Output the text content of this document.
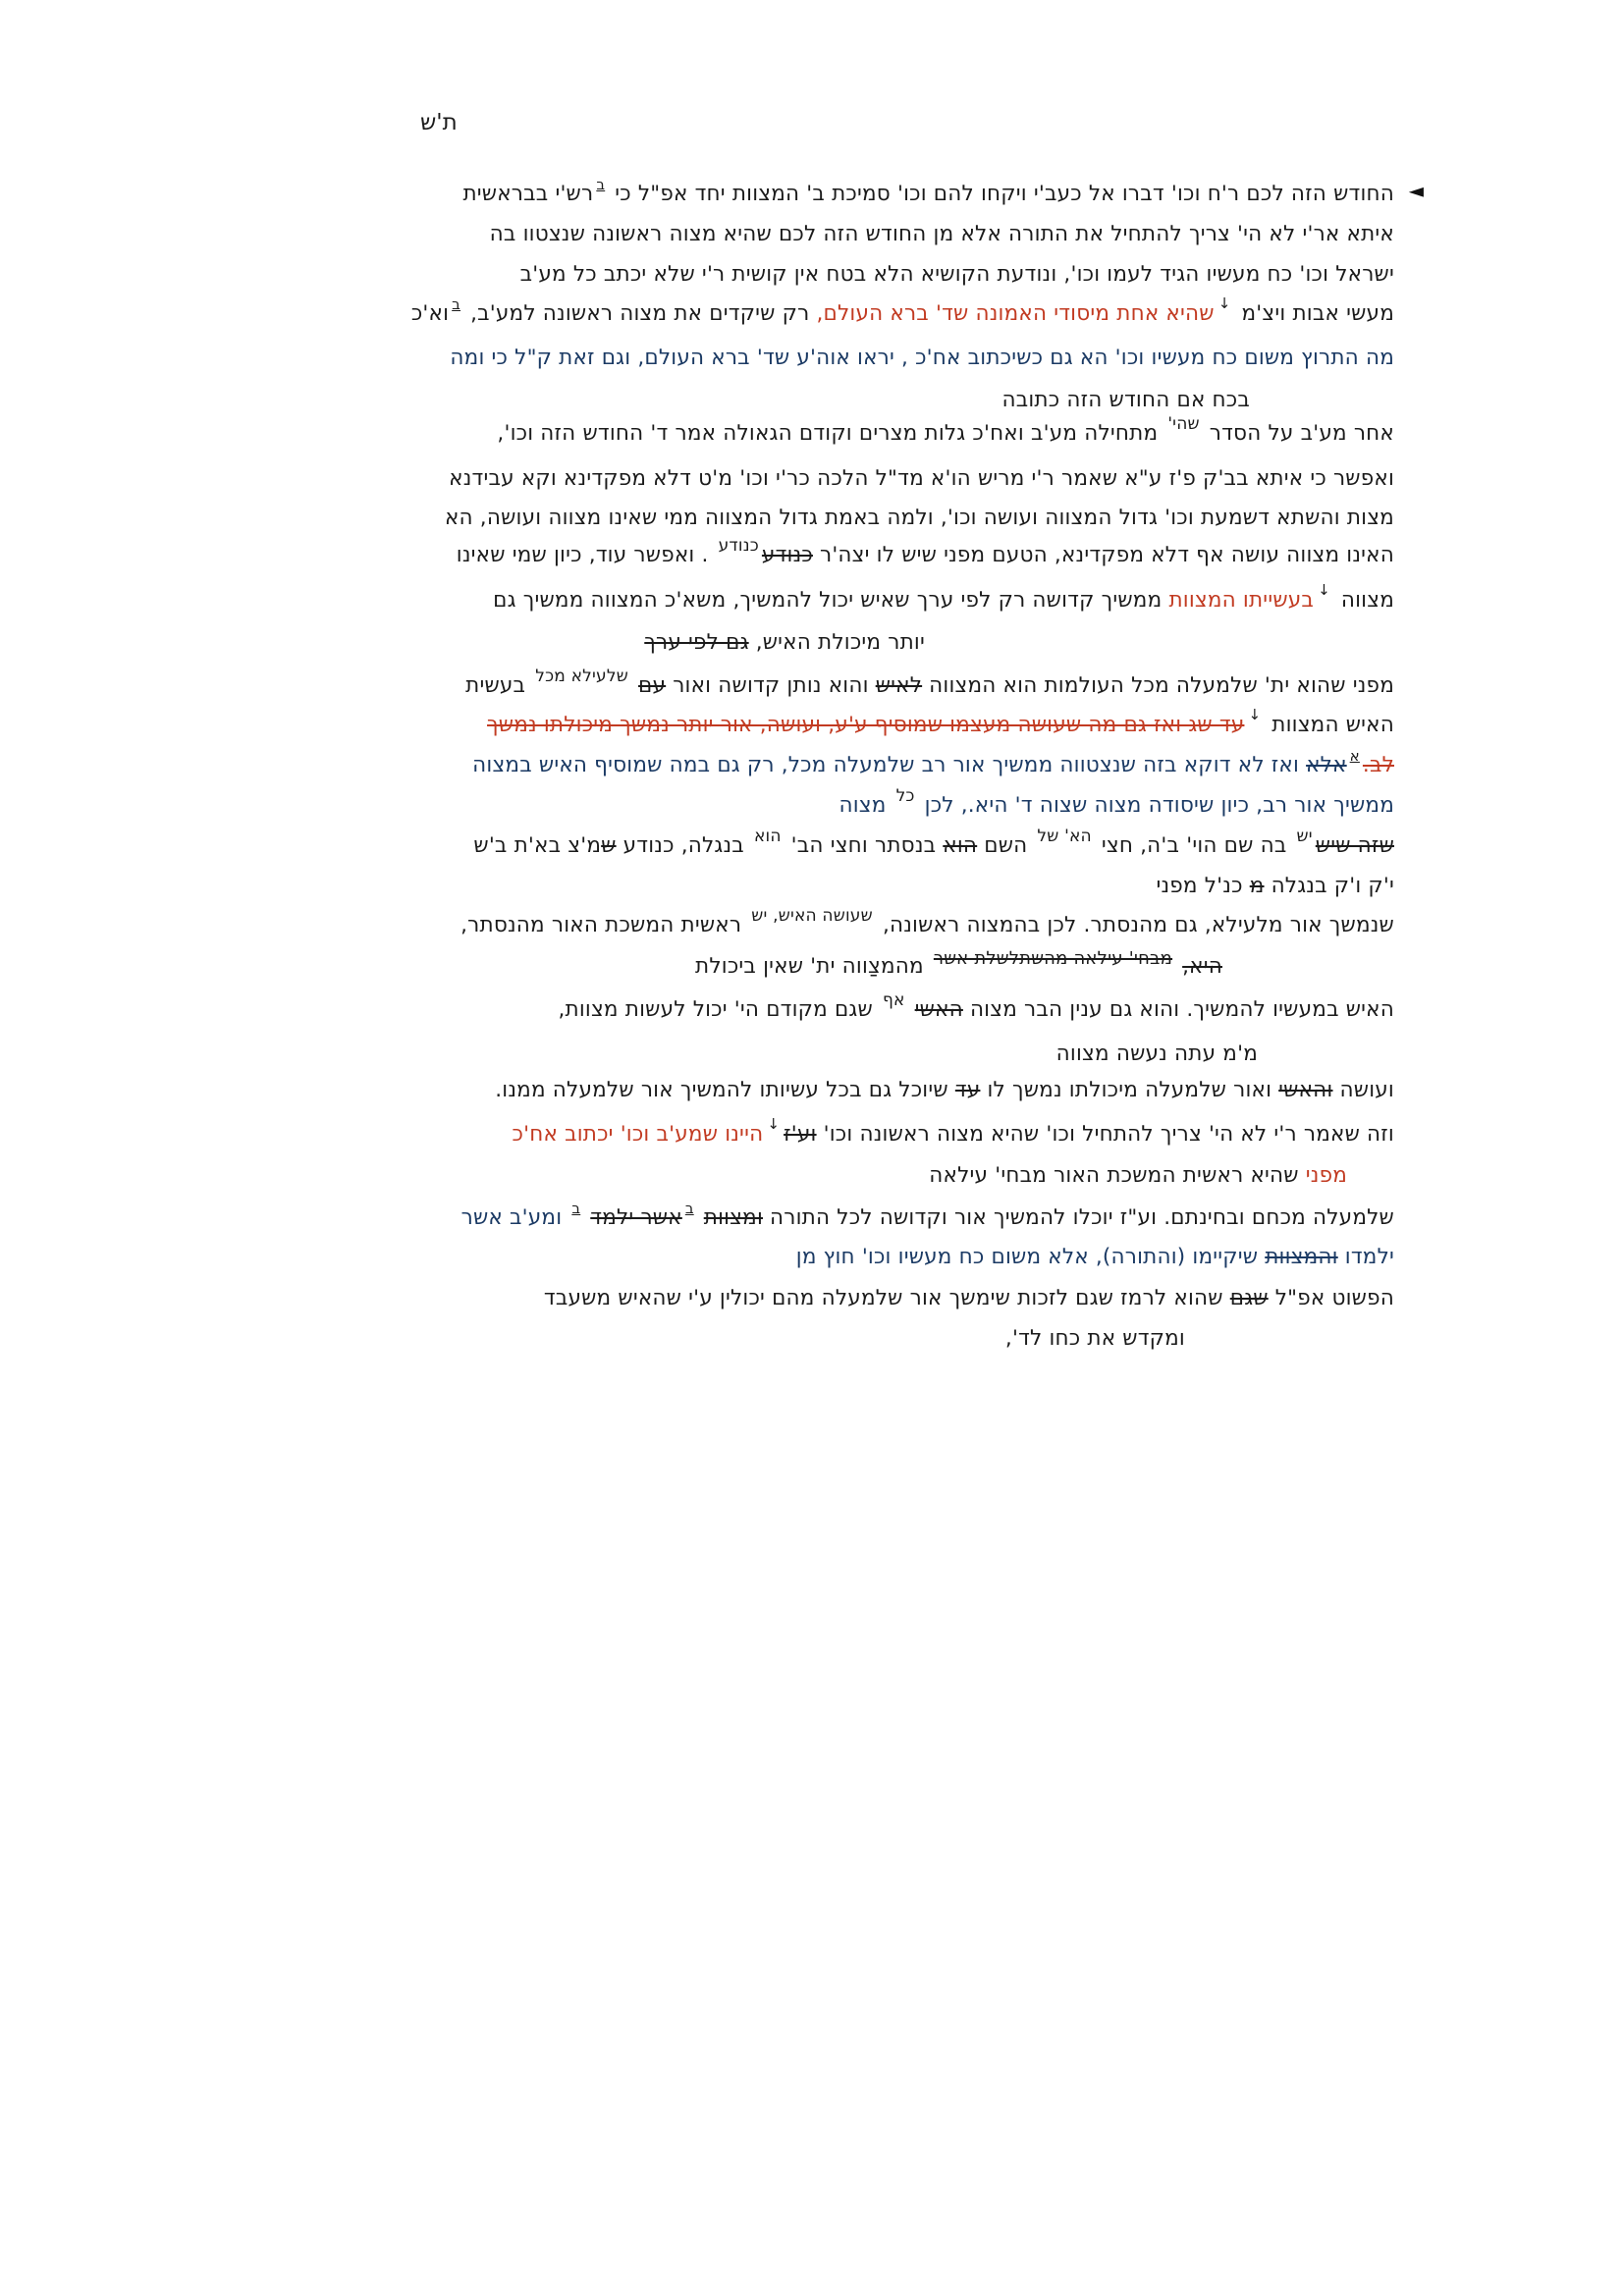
ת'ש
◄
החודש הזה לכם ר'ח וכו' דברו אל כעב'י ויקחו להם וכו' סמיכת ב' המצוות יחד אפ"ל כי $^ב$רש'י בבראשית
איתא אר'י לא הי' צריך להתחיל את התורה אלא מן החודש הזה לכם שהיא מצוה ראשונה שנצטוו בה
ישראל וכו' כח מעשיו הגיד לעמו וכו', ונודעת הקושיא הלא בטח אין קושית ר'י שלא יכתב כל מע'ב
מעשי אבות ויצ'מ ↓שהיא אחת מיסודי האמונה שד' ברא העולם, רק שיקדים את מצוה ראשונה למע'ב, $^ב$וא'כ
מה התרוץ משום כח מעשיו וכו' הא גם כשיכתוב אח'כ , יראו אוה'ע שד' ברא העולם, וגם זאת ק"ל כי ומה
בכח אם החודש הזה כתובה
אחר מע'ב על הסדר $^{שהי'}$ מתחילה מע'ב ואח'כ גלות מצרים וקודם הגאולה אמר ד' החודש הזה וכו',
ואפשר כי איתא בב'ק פ'ז ע"א שאמר ר'י מריש הו'א מד"ל הלכה כר'י וכו' מ'ט דלא מפקדינא וקא עבידנא
מצות והשתא דשמעת וכו' גדול המצווה ועושה וכו', ולמה באמת גדול המצווה ממי שאינו מצווה ועושה, הא
האינו מצווה עושה אף דלא מפקדינא, הטעם מפני שיש לו יצה'ר כנודע$^{כנודע}$ . ואפשר עוד, כיון שמי שאינו
מצווה ↓בעשייתו המצוות ממשיך קדושה רק לפי ערך שאיש יכול להמשיך, משא'כ המצווה ממשיך גם
יותר מיכולת האיש, גם לפי ערך
מפני שהוא ית' שלמעלה מכל העולמות הוא המצווה לאיש והוא נותן קדושה ואור עם $^{שלעילא מכל}$ בעשית
האיש המצוות ↓עד שג ואז גם מה שעושה מעצמו שמוסיף ע'ע, ועושה, אור יותר נמשך מיכולתו נמשך
לב.$^א$אלא ואז לא דוקא בזה שנצטווה ממשיך אור רב שלמעלה מכל, רק גם במה שמוסיף האיש במצוה
ממשיך אור רב, כיון שיסודה מצוה שצוה ד' היא., לכן $^{כל}$ מצוה
שזה שיש$^{יש}$ בה שם הוי' ב'ה, חצי $^{הא' של}$ השם הוא בנסתר וחצי הב' $^{הוא}$ בנגלה, כנודע שמ'צ בא'ת ב'ש
י'ק ו'ק בנגלה מ כנ'ל מפני
שנמשך אור מלעילא, גם מהנסתר. לכן בהמצוה ראשונה, $^{שעושה האיש, יש}$ ראשית המשכת האור מהנסתר,
היא, $^{מבחי' עילאה מהשתלשלת אשר}$ מהמצַווה ית' שאין ביכולת
האיש במעשיו להמשיך. והוא גם ענין הבר מצוה האשי $^{אף}$ שגם מקודם הי' יכול לעשות מצוות,
מ'מ עתה נעשה מצווה
ועושה והאשי ואור שלמעלה מיכולתו נמשך לו עד שיוכל גם בכל עשיותו להמשיך אור שלמעלה ממנו.
וזה שאמר ר'י לא הי' צריך להתחיל וכו' שהיא מצוה ראשונה וכו' וע'ז↓היינו שמע'ב וכו' יכתוב אח'כ
מפני שהיא ראשית המשכת האור מבחי' עילאה
שלמעלה מכחם ובחינתם. וע"ז יוכלו להמשיך אור וקדושה לכל התורה ומצוות $^ב$אשר ילמד $^ב$ ומע'ב אשר
ילמדו והמצוות שיקיימו (והתורה), אלא משום כח מעשיו וכו' חוץ מן
הפשוט אפ"ל שגם שהוא לרמז שגם לזכות שימשך אור שלמעלה מהם יכולין ע'י שהאיש משעבד
ומקדש את כחו לד',
